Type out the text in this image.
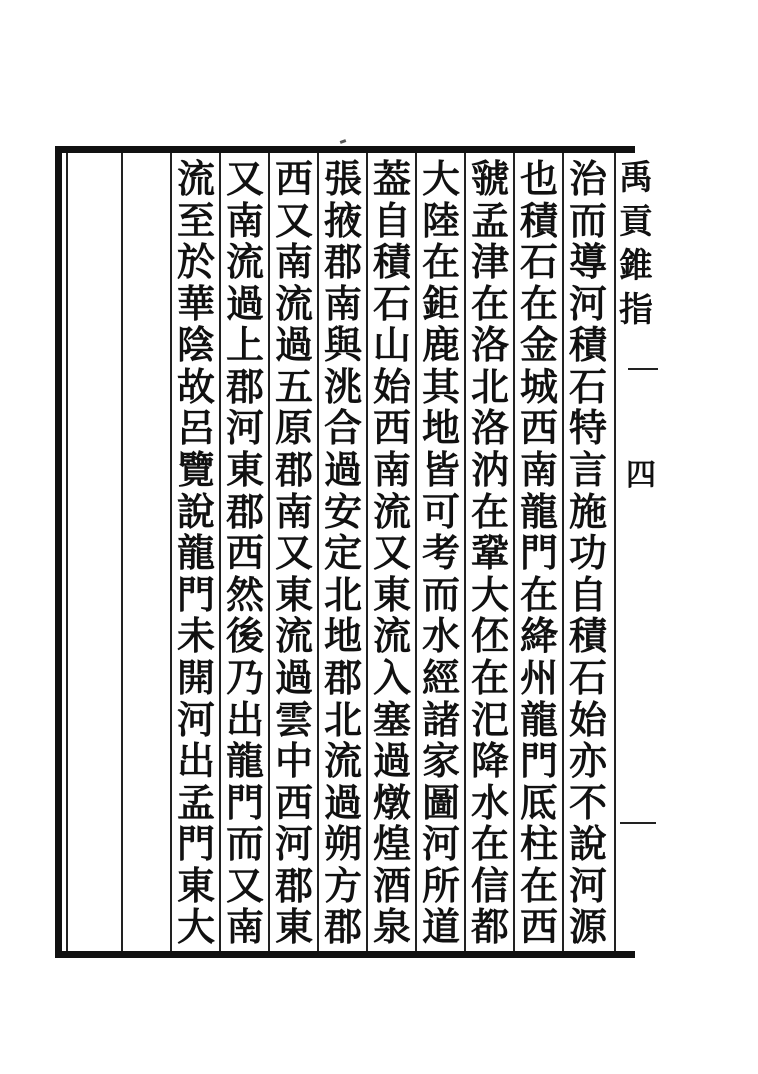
禹
貢
錐
指
四
治
而
導
河
積
石
特
言
施
功
自
積
石
始
亦
不
說
河
源
也
積
石
在
金
城
西
南
龍
門
在
絳
州
龍
門
厎
柱
在
西
虢
孟
津
在
洛
北
洛
汭
在
鞏
大
伾
在
汜
降
水
在
信
都
大
陸
在
鉅
鹿
其
地
皆
可
考
而
水
經
諸
家
圖
河
所
道
葢
自
積
石
山
始
西
南
流
又
東
流
入
塞
過
燉
煌
酒
泉
張
掖
郡
南
與
洮
合
過
安
定
北
地
郡
北
流
過
朔
方
郡
西
又
南
流
過
五
原
郡
南
又
東
流
過
雲
中
西
河
郡
東
又
南
流
過
上
郡
河
東
郡
西
然
後
乃
出
龍
門
而
又
南
流
至
於
華
陰
故
呂
覽
說
龍
門
未
開
河
出
孟
門
東
大
